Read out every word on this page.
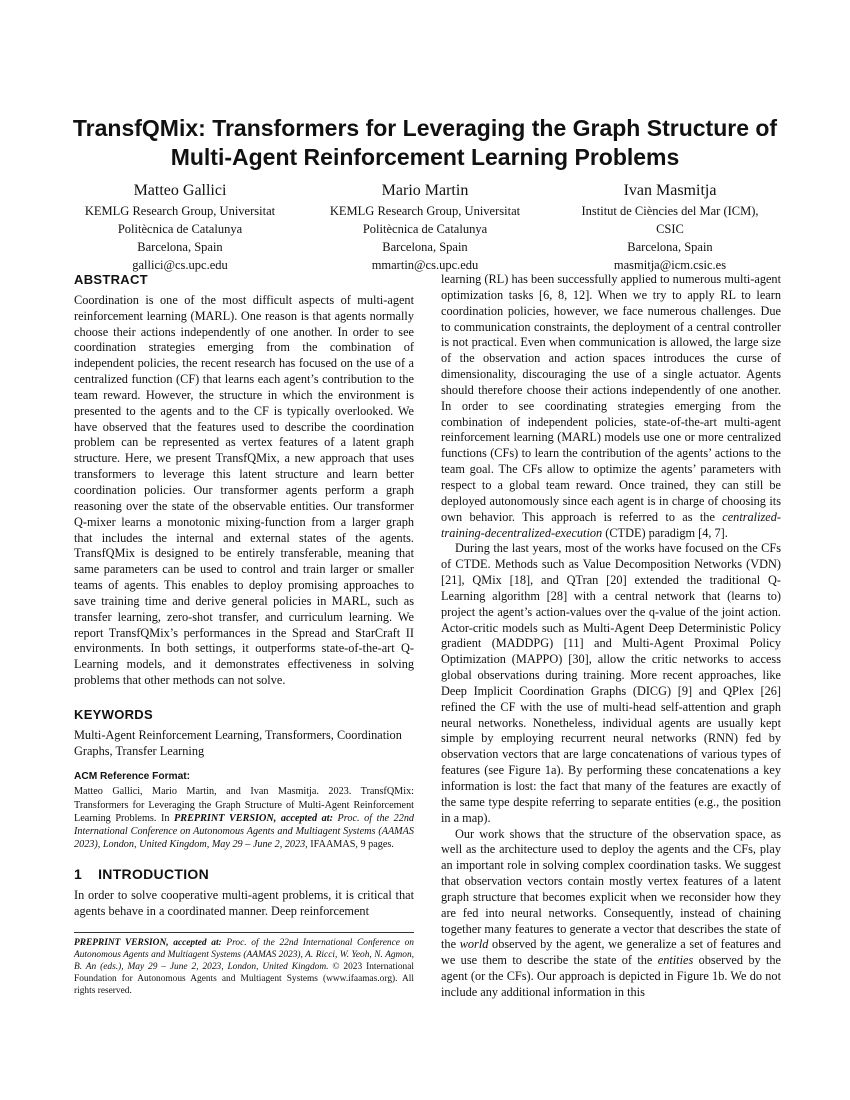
TransfQMix: Transformers for Leveraging the Graph Structure of
Multi-Agent Reinforcement Learning Problems
Matteo Gallici
KEMLG Research Group, Universitat
Politècnica de Catalunya
Barcelona, Spain
gallici@cs.upc.edu
Mario Martin
KEMLG Research Group, Universitat
Politècnica de Catalunya
Barcelona, Spain
mmartin@cs.upc.edu
Ivan Masmitja
Institut de Ciències del Mar (ICM),
CSIC
Barcelona, Spain
masmitja@icm.csic.es
ABSTRACT

Coordination is one of the most difficult aspects of multi-agent reinforcement learning (MARL). One reason is that agents normally choose their actions independently of one another. In order to see coordination strategies emerging from the combination of independent policies, the recent research has focused on the use of a centralized function (CF) that learns each agent’s contribution to the team reward. However, the structure in which the environment is presented to the agents and to the CF is typically overlooked. We have observed that the features used to describe the coordination problem can be represented as vertex features of a latent graph structure. Here, we present TransfQMix, a new approach that uses transformers to leverage this latent structure and learn better coordination policies. Our transformer agents perform a graph reasoning over the state of the observable entities. Our transformer Q-mixer learns a monotonic mixing-function from a larger graph that includes the internal and external states of the agents. TransfQMix is designed to be entirely transferable, meaning that same parameters can be used to control and train larger or smaller teams of agents. This enables to deploy promising approaches to save training time and derive general policies in MARL, such as transfer learning, zero-shot transfer, and curriculum learning. We report TransfQMix’s performances in the Spread and StarCraft II environments. In both settings, it outperforms state-of-the-art Q-Learning models, and it demonstrates effectiveness in solving problems that other methods can not solve.

KEYWORDS

Multi-Agent Reinforcement Learning, Transformers, Coordination Graphs, Transfer Learning

ACM Reference Format:

Matteo Gallici, Mario Martin, and Ivan Masmitja. 2023. TransfQMix: Transformers for Leveraging the Graph Structure of Multi-Agent Reinforcement Learning Problems. In PREPRINT VERSION, accepted at: Proc. of the 22nd International Conference on Autonomous Agents and Multiagent Systems (AAMAS 2023), London, United Kingdom, May 29 – June 2, 2023, IFAAMAS, 9 pages.

1 INTRODUCTION

In order to solve cooperative multi-agent problems, it is critical that agents behave in a coordinated manner. Deep reinforcement

PREPRINT VERSION, accepted at: Proc. of the 22nd International Conference on Autonomous Agents and Multiagent Systems (AAMAS 2023), A. Ricci, W. Yeoh, N. Agmon, B. An (eds.), May 29 – June 2, 2023, London, United Kingdom. © 2023 International Foundation for Autonomous Agents and Multiagent Systems (www.ifaamas.org). All rights reserved.

learning (RL) has been successfully applied to numerous multi-agent optimization tasks [6, 8, 12]. When we try to apply RL to learn coordination policies, however, we face numerous challenges. Due to communication constraints, the deployment of a central controller is not practical. Even when communication is allowed, the large size of the observation and action spaces introduces the curse of dimensionality, discouraging the use of a single actuator. Agents should therefore choose their actions independently of one another. In order to see coordinating strategies emerging from the combination of independent policies, state-of-the-art multi-agent reinforcement learning (MARL) models use one or more centralized functions (CFs) to learn the contribution of the agents’ actions to the team goal. The CFs allow to optimize the agents’ parameters with respect to a global team reward. Once trained, they can still be deployed autonomously since each agent is in charge of choosing its own behavior. This approach is referred to as the centralized-training-decentralized-execution (CTDE) paradigm [4, 7].

During the last years, most of the works have focused on the CFs of CTDE. Methods such as Value Decomposition Networks (VDN) [21], QMix [18], and QTran [20] extended the traditional Q-Learning algorithm [28] with a central network that (learns to) project the agent’s action-values over the q-value of the joint action. Actor-critic models such as Multi-Agent Deep Deterministic Policy gradient (MADDPG) [11] and Multi-Agent Proximal Policy Optimization (MAPPO) [30], allow the critic networks to access global observations during training. More recent approaches, like Deep Implicit Coordination Graphs (DICG) [9] and QPlex [26] refined the CF with the use of multi-head self-attention and graph neural networks. Nonetheless, individual agents are usually kept simple by employing recurrent neural networks (RNN) fed by observation vectors that are large concatenations of various types of features (see Figure 1a). By performing these concatenations a key information is lost: the fact that many of the features are exactly of the same type despite referring to separate entities (e.g., the position in a map).

Our work shows that the structure of the observation space, as well as the architecture used to deploy the agents and the CFs, play an important role in solving complex coordination tasks. We suggest that observation vectors contain mostly vertex features of a latent graph structure that becomes explicit when we reconsider how they are fed into neural networks. Consequently, instead of chaining together many features to generate a vector that describes the state of the world observed by the agent, we generalize a set of features and we use them to describe the state of the entities observed by the agent (or the CFs). Our approach is depicted in Figure 1b. We do not include any additional information in this
